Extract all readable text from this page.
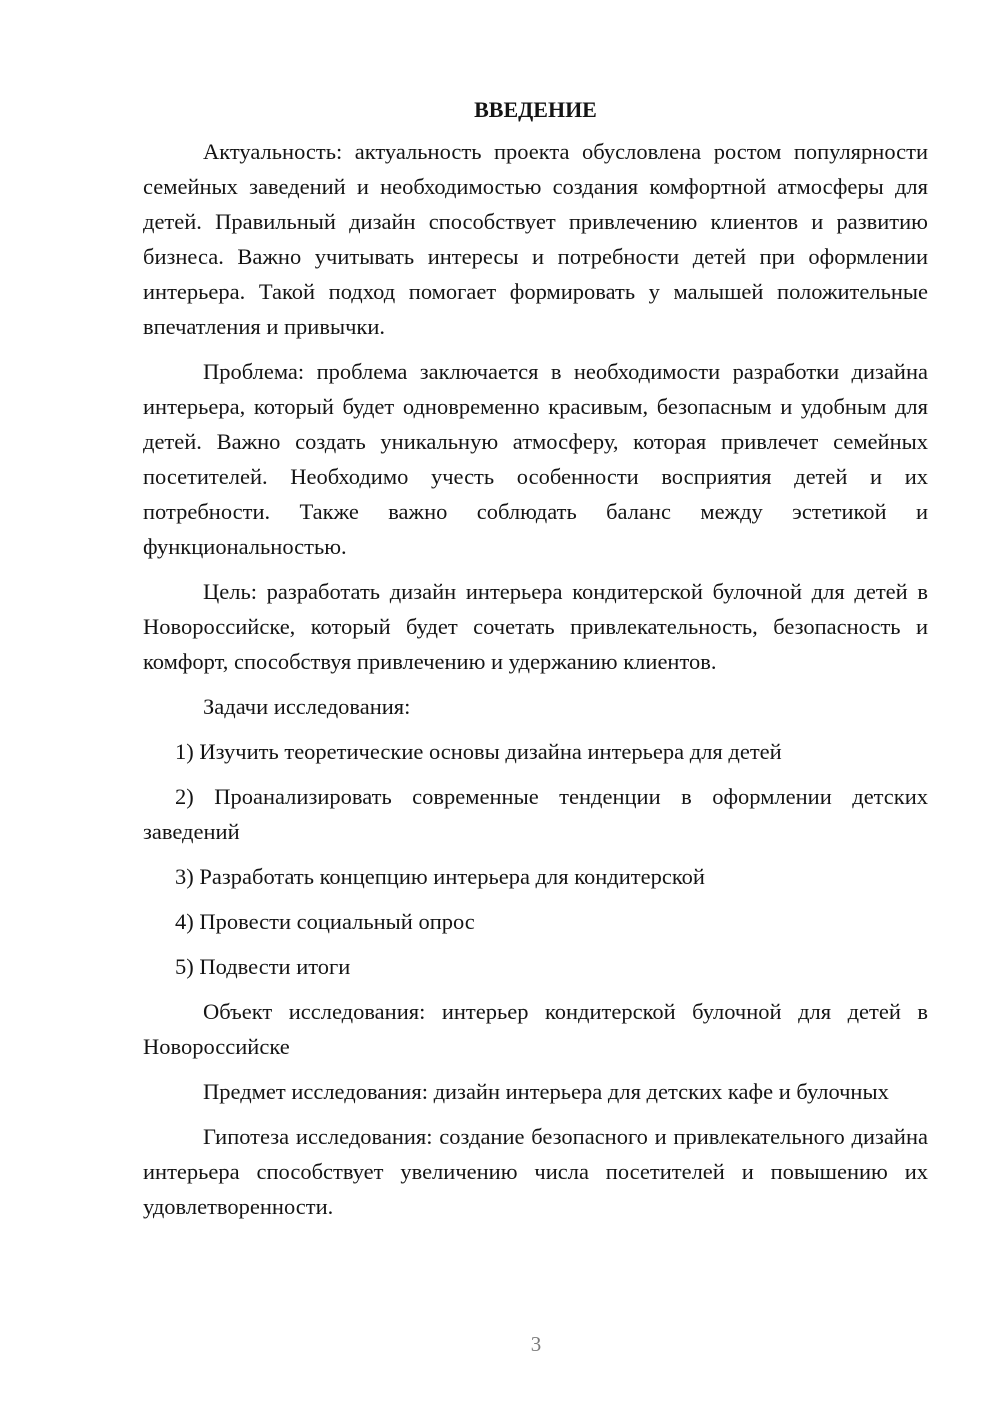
ВВЕДЕНИЕ

Актуальность: актуальность проекта обусловлена ростом популярности семейных заведений и необходимостью создания комфортной атмосферы для детей. Правильный дизайн способствует привлечению клиентов и развитию бизнеса. Важно учитывать интересы и потребности детей при оформлении интерьера. Такой подход помогает формировать у малышей положительные впечатления и привычки.

Проблема: проблема заключается в необходимости разработки дизайна интерьера, который будет одновременно красивым, безопасным и удобным для детей. Важно создать уникальную атмосферу, которая привлечет семейных посетителей. Необходимо учесть особенности восприятия детей и их потребности. Также важно соблюдать баланс между эстетикой и функциональностью.

Цель: разработать дизайн интерьера кондитерской булочной для детей в Новороссийске, который будет сочетать привлекательность, безопасность и комфорт, способствуя привлечению и удержанию клиентов.

Задачи исследования:

1) Изучить теоретические основы дизайна интерьера для детей

2) Проанализировать современные тенденции в оформлении детских заведений

3) Разработать концепцию интерьера для кондитерской

4) Провести социальный опрос

5) Подвести итоги

Объект исследования: интерьер кондитерской булочной для детей в Новороссийске

Предмет исследования: дизайн интерьера для детских кафе и булочных

Гипотеза исследования: создание безопасного и привлекательного дизайна интерьера способствует увеличению числа посетителей и повышению их удовлетворенности.

3
